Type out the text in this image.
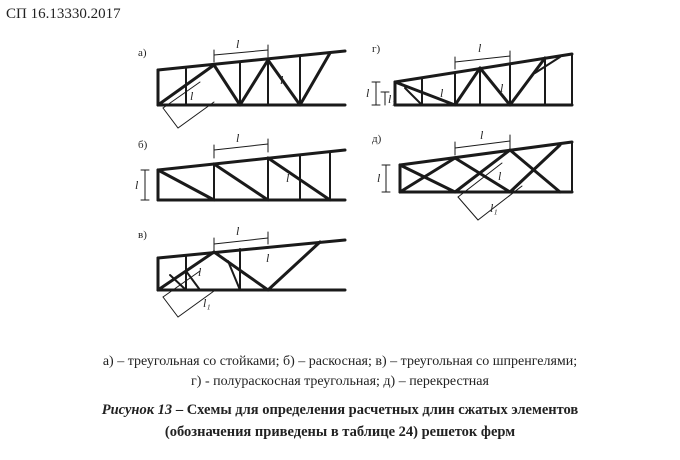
СП 16.13330.2017
а)
б)
в)
г)
д)
l
l
l
l
l	l
l
l
l
l₁
l l₁
l
l	l
l
l	l
l₁
а) – треугольная со стойками; б) – раскосная; в) – треугольная со шпренгелями;
г) - полураскосная треугольная; д) – перекрестная
Рисунок 13 – Схемы для определения расчетных длин сжатых элементов
(обозначения приведены в таблице 24) решеток ферм
